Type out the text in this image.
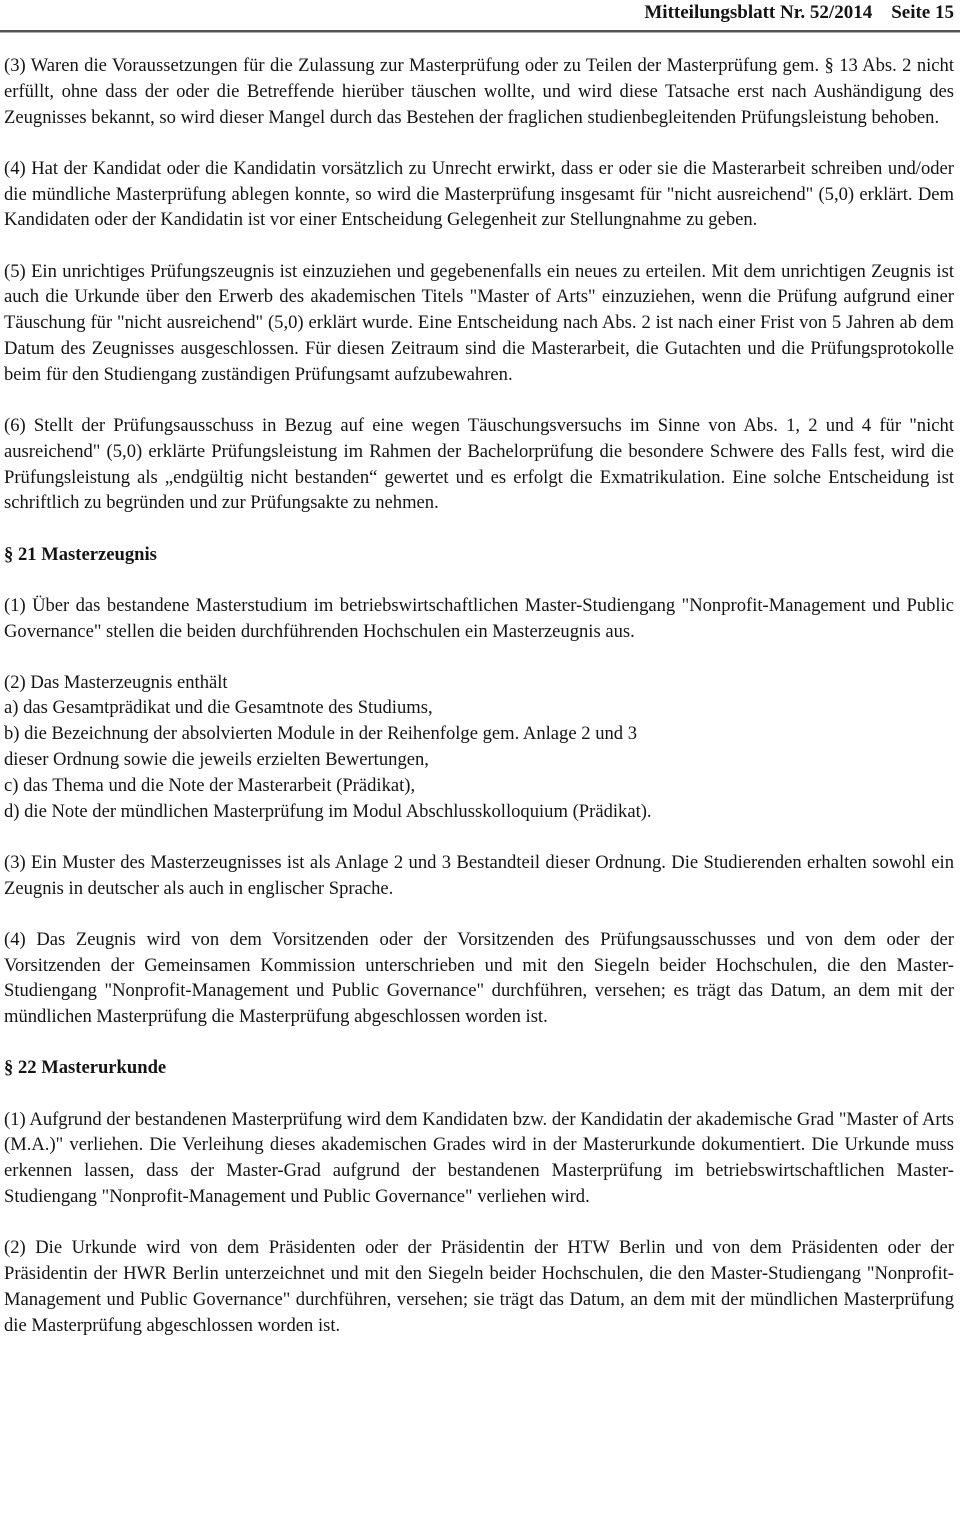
Mitteilungsblatt Nr. 52/2014 Seite 15

(3) Waren die Voraussetzungen für die Zulassung zur Masterprüfung oder zu Teilen der Masterprüfung gem. § 13 Abs. 2 nicht erfüllt, ohne dass der oder die Betreffende hierüber täuschen wollte, und wird diese Tatsache erst nach Aushändigung des Zeugnisses bekannt, so wird dieser Mangel durch das Bestehen der fraglichen studienbegleitenden Prüfungsleistung behoben.

(4) Hat der Kandidat oder die Kandidatin vorsätzlich zu Unrecht erwirkt, dass er oder sie die Masterarbeit schreiben und/oder die mündliche Masterprüfung ablegen konnte, so wird die Masterprüfung insgesamt für "nicht ausreichend" (5,0) erklärt. Dem Kandidaten oder der Kandidatin ist vor einer Entscheidung Gelegenheit zur Stellungnahme zu geben.

(5) Ein unrichtiges Prüfungszeugnis ist einzuziehen und gegebenenfalls ein neues zu erteilen. Mit dem unrichtigen Zeugnis ist auch die Urkunde über den Erwerb des akademischen Titels "Master of Arts" einzuziehen, wenn die Prüfung aufgrund einer Täuschung für "nicht ausreichend" (5,0) erklärt wurde. Eine Entscheidung nach Abs. 2 ist nach einer Frist von 5 Jahren ab dem Datum des Zeugnisses ausgeschlossen. Für diesen Zeitraum sind die Masterarbeit, die Gutachten und die Prüfungsprotokolle beim für den Studiengang zuständigen Prüfungsamt aufzubewahren.

(6) Stellt der Prüfungsausschuss in Bezug auf eine wegen Täuschungsversuchs im Sinne von Abs. 1, 2 und 4 für "nicht ausreichend" (5,0) erklärte Prüfungsleistung im Rahmen der Bachelorprüfung die besondere Schwere des Falls fest, wird die Prüfungsleistung als „endgültig nicht bestanden“ gewertet und es erfolgt die Exmatrikulation. Eine solche Entscheidung ist schriftlich zu begründen und zur Prüfungsakte zu nehmen.

§ 21 Masterzeugnis

(1) Über das bestandene Masterstudium im betriebswirtschaftlichen Master-Studiengang "Nonprofit-Management und Public Governance" stellen die beiden durchführenden Hochschulen ein Masterzeugnis aus.

(2) Das Masterzeugnis enthält
a) das Gesamtprädikat und die Gesamtnote des Studiums,
b) die Bezeichnung der absolvierten Module in der Reihenfolge gem. Anlage 2 und 3
dieser Ordnung sowie die jeweils erzielten Bewertungen,
c) das Thema und die Note der Masterarbeit (Prädikat),
d) die Note der mündlichen Masterprüfung im Modul Abschlusskolloquium (Prädikat).

(3) Ein Muster des Masterzeugnisses ist als Anlage 2 und 3 Bestandteil dieser Ordnung. Die Studierenden erhalten sowohl ein Zeugnis in deutscher als auch in englischer Sprache.

(4) Das Zeugnis wird von dem Vorsitzenden oder der Vorsitzenden des Prüfungsausschusses und von dem oder der Vorsitzenden der Gemeinsamen Kommission unterschrieben und mit den Siegeln beider Hochschulen, die den Master-Studiengang "Nonprofit-Management und Public Governance" durchführen, versehen; es trägt das Datum, an dem mit der mündlichen Masterprüfung die Masterprüfung abgeschlossen worden ist.

§ 22 Masterurkunde

(1) Aufgrund der bestandenen Masterprüfung wird dem Kandidaten bzw. der Kandidatin der akademische Grad "Master of Arts (M.A.)" verliehen. Die Verleihung dieses akademischen Grades wird in der Masterurkunde dokumentiert. Die Urkunde muss erkennen lassen, dass der Master-Grad aufgrund der bestandenen Masterprüfung im betriebswirtschaftlichen Master-Studiengang "Nonprofit-Management und Public Governance" verliehen wird.

(2) Die Urkunde wird von dem Präsidenten oder der Präsidentin der HTW Berlin und von dem Präsidenten oder der Präsidentin der HWR Berlin unterzeichnet und mit den Siegeln beider Hochschulen, die den Master-Studiengang "Nonprofit-Management und Public Governance" durchführen, versehen; sie trägt das Datum, an dem mit der mündlichen Masterprüfung die Masterprüfung abgeschlossen worden ist.
